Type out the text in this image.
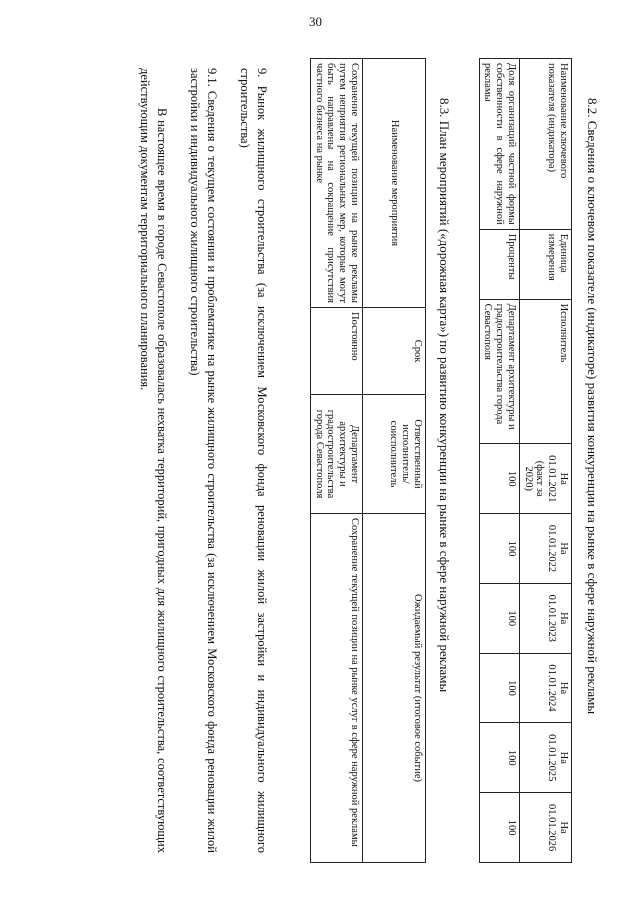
30
8.2. Сведения о ключевом показателе (индикаторе) развития конкуренции на рынке в сфере наружной рекламы
Наименование ключевого показателя (индикатора)	Единица измерения	Исполнитель	На 01.01.2021 (факт за 2020)	На 01.01.2022	На 01.01.2023	На 01.01.2024	На 01.01.2025	На 01.01.2026
Доля организаций частной формы собственности в сфере наружной рекламы	Проценты	Департамент архитектуры и градостроительства города Севастополя	100	100	100	100	100	100
8.3. План мероприятий («дорожная карта») по развитию конкуренции на рынке в сфере наружной рекламы
Наименование мероприятия	Срок	Ответственный исполнитель/ соисполнитель	Ожидаемый результат (итоговое событие)
Сохранение текущей позиции на рынке рекламы путем неприятия региональных мер, которые могут быть направлены на сокращение присутствия частного бизнеса на рынке	Постоянно	Департамент архитектуры и градостроительства города Севастополя	Сохранение текущей позиции на рынке услуг в сфере наружной рекламы
9. Рынок жилищного строительства (за исключением Московского фонда реновации жилой застройки и индивидуального жилищного строительства)
9.1. Сведения о текущем состоянии и проблематике на рынке жилищного строительства (за исключением Московского фонда реновации жилой застройки и индивидуального жилищного строительства)
В настоящее время в городе Севастополе образовалась нехватка территорий, пригодных для жилищного строительства, соответствующих действующим документам территориального планирования.
